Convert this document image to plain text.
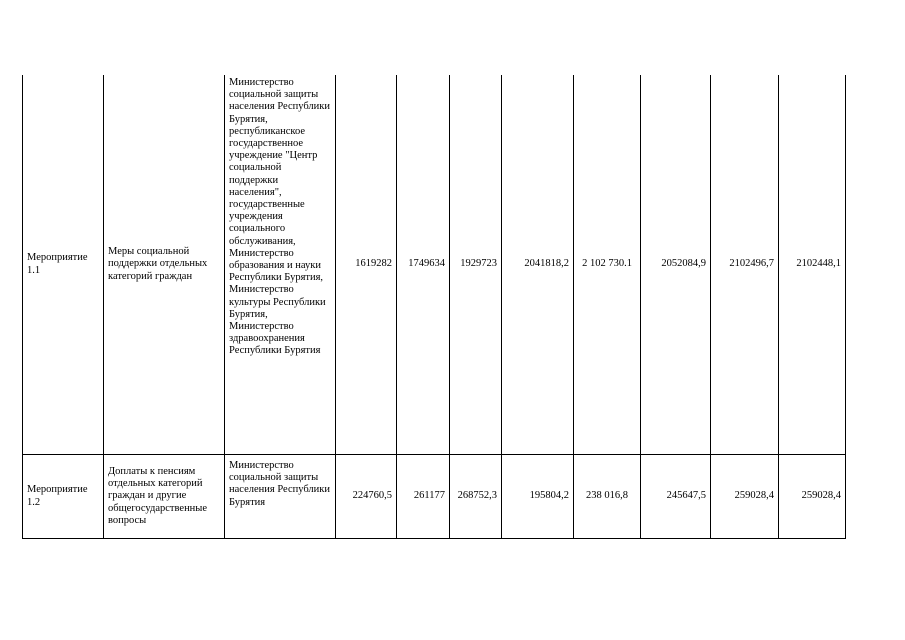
Мероприятие 1.1	Меры социальной поддержки отдельных категорий граждан	Министерство социальной защиты населения Республики Бурятия, республиканское государственное учреждение "Центр социальной поддержки населения", государственные учреждения социального обслуживания, Министерство образования и науки Республики Бурятия, Министерство культуры Республики Бурятия, Министерство здравоохранения Республики Бурятия	1619282	1749634	1929723	2041818,2	2 102 730.1	2052084,9	2102496,7	2102448,1
Мероприятие 1.2	Доплаты к пенсиям отдельных категорий граждан и другие общегосударственные вопросы	Министерство социальной защиты населения Республики Бурятия	224760,5	261177	268752,3	195804,2	238 016,8	245647,5	259028,4	259028,4
